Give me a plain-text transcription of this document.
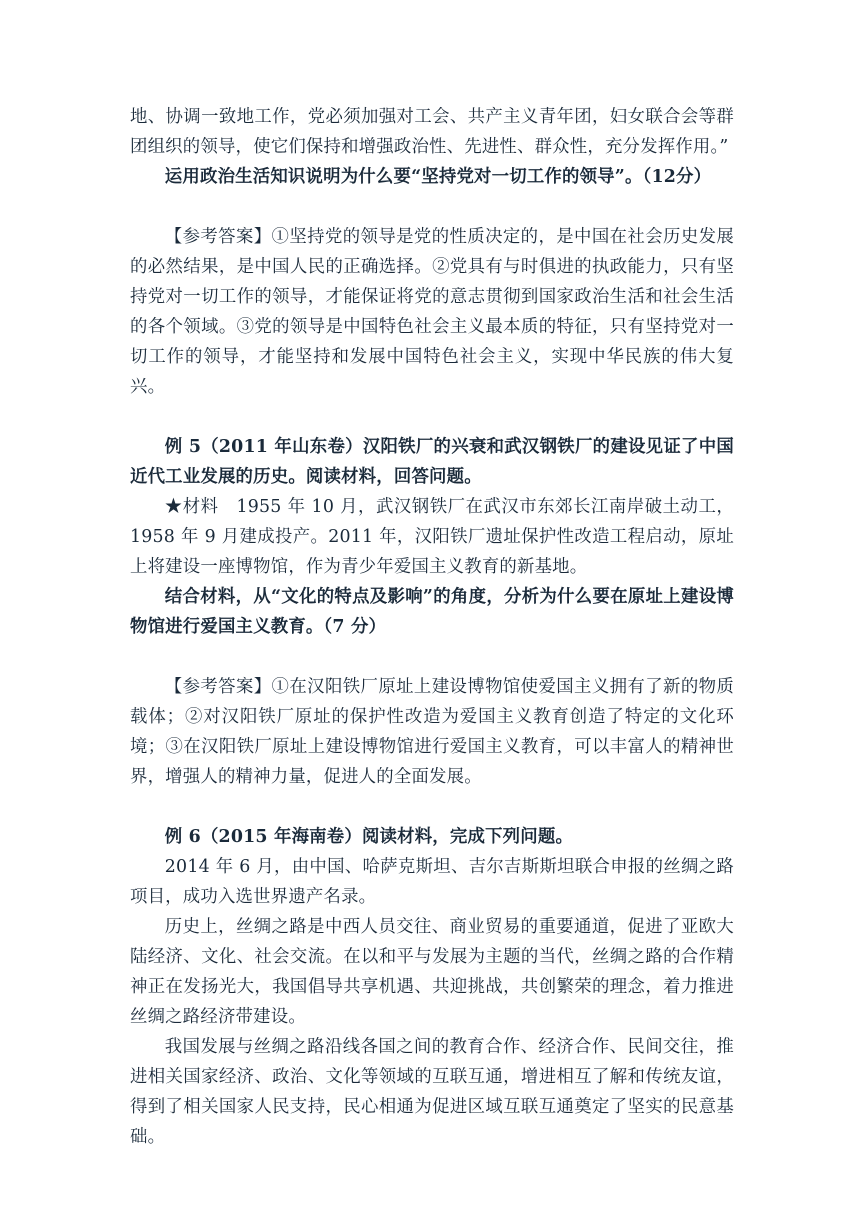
地、协调一致地工作，党必须加强对工会、共产主义青年团，妇女联合会等群团组织的领导，使它们保持和增强政治性、先进性、群众性，充分发挥作用。”

运用政治生活知识说明为什么要“坚持党对一切工作的领导”。（12分）

【参考答案】①坚持党的领导是党的性质决定的，是中国在社会历史发展的必然结果，是中国人民的正确选择。②党具有与时俱进的执政能力，只有坚持党对一切工作的领导，才能保证将党的意志贯彻到国家政治生活和社会生活的各个领域。③党的领导是中国特色社会主义最本质的特征，只有坚持党对一切工作的领导，才能坚持和发展中国特色社会主义，实现中华民族的伟大复兴。

例 5（2011 年山东卷）汉阳铁厂的兴衰和武汉钢铁厂的建设见证了中国近代工业发展的历史。阅读材料，回答问题。

★材料　1955 年 10 月，武汉钢铁厂在武汉市东郊长江南岸破土动工，1958 年 9 月建成投产。2011 年，汉阳铁厂遗址保护性改造工程启动，原址上将建设一座博物馆，作为青少年爱国主义教育的新基地。

结合材料，从“文化的特点及影响”的角度，分析为什么要在原址上建设博物馆进行爱国主义教育。（7 分）

【参考答案】①在汉阳铁厂原址上建设博物馆使爱国主义拥有了新的物质载体；②对汉阳铁厂原址的保护性改造为爱国主义教育创造了特定的文化环境；③在汉阳铁厂原址上建设博物馆进行爱国主义教育，可以丰富人的精神世界，增强人的精神力量，促进人的全面发展。

例 6（2015 年海南卷）阅读材料，完成下列问题。

2014 年 6 月，由中国、哈萨克斯坦、吉尔吉斯斯坦联合申报的丝绸之路项目，成功入选世界遗产名录。

历史上，丝绸之路是中西人员交往、商业贸易的重要通道，促进了亚欧大陆经济、文化、社会交流。在以和平与发展为主题的当代，丝绸之路的合作精神正在发扬光大，我国倡导共享机遇、共迎挑战，共创繁荣的理念，着力推进丝绸之路经济带建设。

我国发展与丝绸之路沿线各国之间的教育合作、经济合作、民间交往，推进相关国家经济、政治、文化等领域的互联互通，增进相互了解和传统友谊，得到了相关国家人民支持，民心相通为促进区域互联互通奠定了坚实的民意基础。
